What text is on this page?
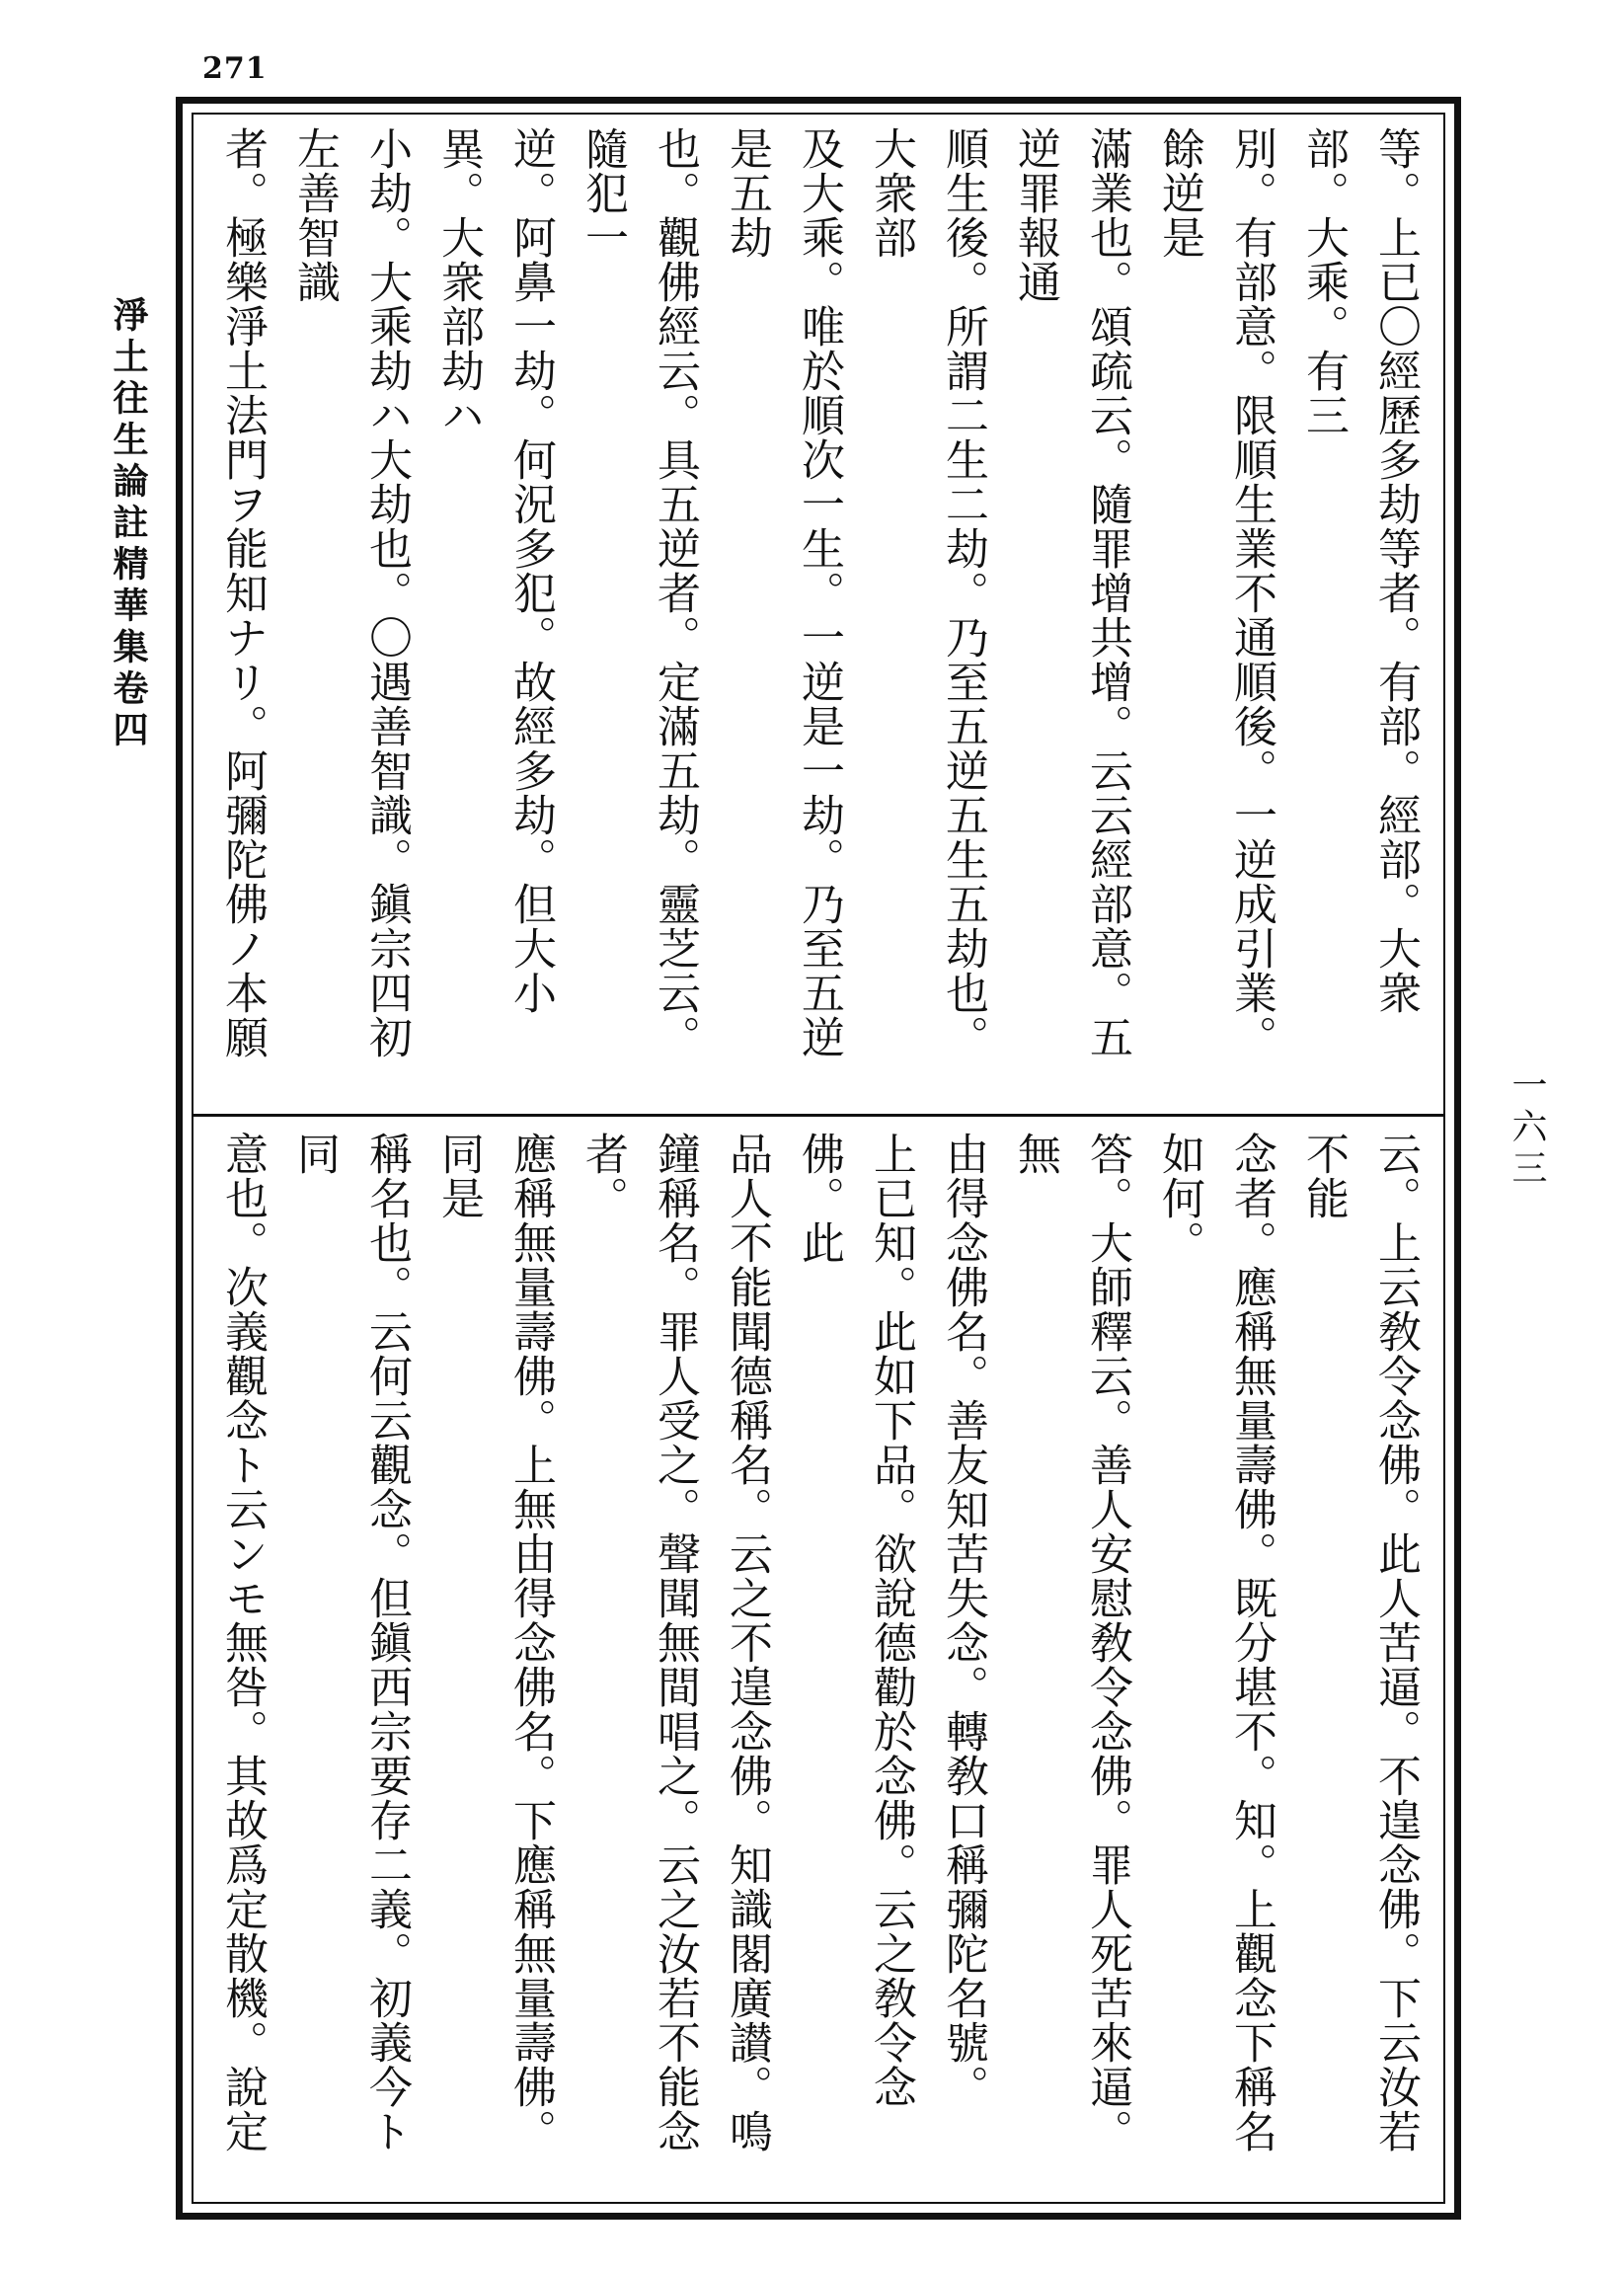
271
淨土往生論註精華集卷四
一六三
等。上已〇經歷多劫等者。有部。經部。大衆部。大乘。有三
別。有部意。限順生業不通順後。一逆成引業。餘逆是
滿業也。頌疏云。隨罪增共增。云云經部意。五逆罪報通
順生後。所謂二生二劫。乃至五逆五生五劫也。大衆部
及大乘。唯於順次一生。一逆是一劫。乃至五逆是五劫
也。觀佛經云。具五逆者。定滿五劫。靈芝云。隨犯一
逆。阿鼻一劫。何況多犯。故經多劫。但大小異。大衆部劫ハ
小劫。大乘劫ハ大劫也。〇遇善智識。鎭宗四初左善智識
者。極樂淨土法門ヲ能知ナリ。阿彌陀佛ノ本願
云。上云敎令念佛。此人苦逼。不遑念佛。下云汝若不能
念者。應稱無量壽佛。既分堪不。知。上觀念下稱名如何。
答。大師釋云。善人安慰敎令念佛。罪人死苦來逼。無
由得念佛名。善友知苦失念。轉敎口稱彌陀名號。
上已知。此如下品。欲說德勸於念佛。云之敎令念佛。此
品人不能聞德稱名。云之不遑念佛。知識閣廣讃。鳴
鐘稱名。罪人受之。聲聞無間唱之。云之汝若不能念者。
應稱無量壽佛。上無由得念佛名。下應稱無量壽佛。同是
稱名也。云何云觀念。但鎭西宗要存二義。初義今ト同
意也。次義觀念ト云ンモ無咎。其故爲定散機。說定
